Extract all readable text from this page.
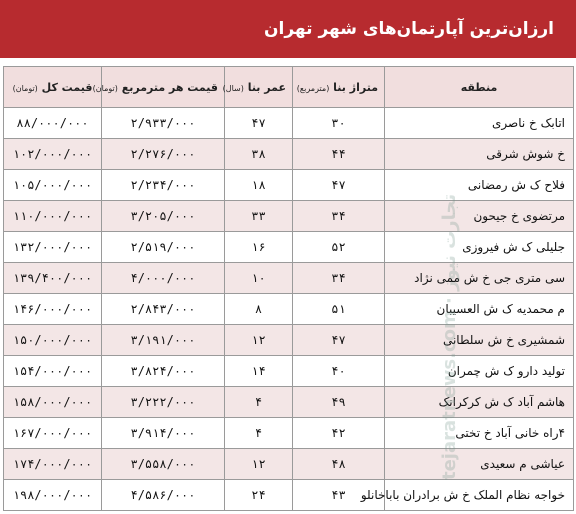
ارزان‌ترین آپارتمان‌های شهر تهران
منطقه	متراژ بنا (مترمربع)	عمر بنا (سال)	قیمت هر مترمربع (تومان)	قیمت کل (تومان)
اتابک خ ناصری	۳۰	۴۷	۲/۹۳۳/۰۰۰	۸۸/۰۰۰/۰۰۰
خ شوش شرقی	۴۴	۳۸	۲/۲۷۶/۰۰۰	۱۰۲/۰۰۰/۰۰۰
فلاح ک ش رمضانی	۴۷	۱۸	۲/۲۳۴/۰۰۰	۱۰۵/۰۰۰/۰۰۰
مرتضوی خ جیحون	۳۴	۳۳	۳/۲۰۵/۰۰۰	۱۱۰/۰۰۰/۰۰۰
جلیلی ک ش فیروزی	۵۲	۱۶	۲/۵۱۹/۰۰۰	۱۳۲/۰۰۰/۰۰۰
سی متری جی خ ش ممی نژاد	۳۴	۱۰	۴/۰۰۰/۰۰۰	۱۳۹/۴۰۰/۰۰۰
م محمدیه ک ش العسیبان	۵۱	۸	۲/۸۴۳/۰۰۰	۱۴۶/۰۰۰/۰۰۰
شمشیری خ ش سلطانی	۴۷	۱۲	۳/۱۹۱/۰۰۰	۱۵۰/۰۰۰/۰۰۰
تولید دارو ک ش چمران	۴۰	۱۴	۳/۸۲۴/۰۰۰	۱۵۴/۰۰۰/۰۰۰
هاشم آباد ک ش کرکرانک	۴۹	۴	۳/۲۲۲/۰۰۰	۱۵۸/۰۰۰/۰۰۰
۴راه خانی آباد خ تختی	۴۲	۴	۳/۹۱۴/۰۰۰	۱۶۷/۰۰۰/۰۰۰
عیاشی م سعیدی	۴۸	۱۲	۳/۵۵۸/۰۰۰	۱۷۴/۰۰۰/۰۰۰
خواجه نظام الملک خ ش برادران باباخانلو	۴۳	۲۴	۴/۵۸۶/۰۰۰	۱۹۸/۰۰۰/۰۰۰
tejaratnews.com · تجارت نیوز
